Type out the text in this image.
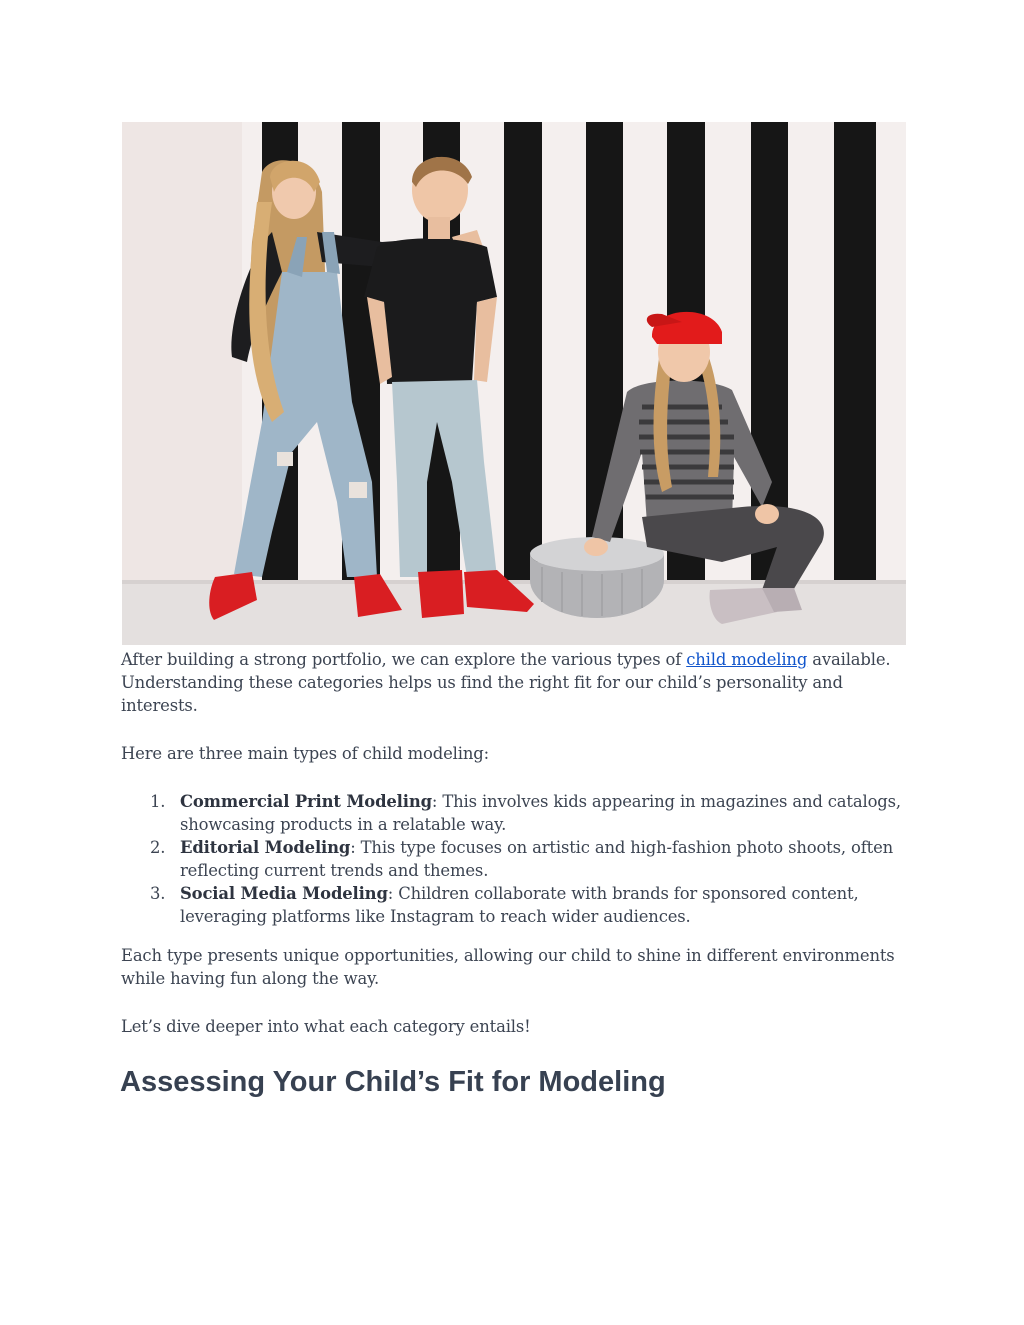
After building a strong portfolio, we can explore the various types of child modeling available. Understanding these categories helps us find the right fit for our child’s personality and interests.

Here are three main types of child modeling:

1. Commercial Print Modeling: This involves kids appearing in magazines and catalogs, showcasing products in a relatable way.
2. Editorial Modeling: This type focuses on artistic and high-fashion photo shoots, often reflecting current trends and themes.
3. Social Media Modeling: Children collaborate with brands for sponsored content, leveraging platforms like Instagram to reach wider audiences.

Each type presents unique opportunities, allowing our child to shine in different environments while having fun along the way.

Let’s dive deeper into what each category entails!

Assessing Your Child’s Fit for Modeling
